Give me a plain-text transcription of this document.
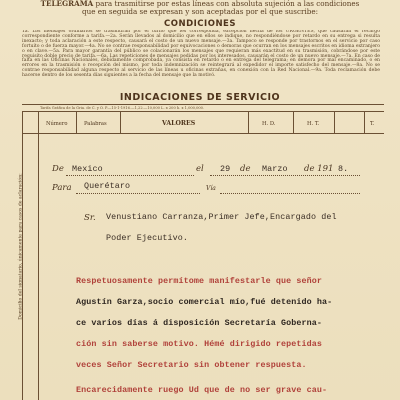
TELEGRAMA para trasmitirse por estas líneas con absoluta sujeción a las condiciones
que en seguida se expresan y son aceptadas por el que suscribe:
CONDICIONES
1a. Los mensajes ordinarios se trasmitirán por el turno que les corresponda, excepción hecha de los URGENTES, que causarán el recargo correspondiente conforme a tarifa.—2a. Serán llevados al domicilio que en ellos se indique, no respondiéndose por retardo en su entrega si resulta inexacto; y toda aclaración a este respecto, causará el costo de un nuevo mensaje.—3a. Tampoco se responde por trastornos en el servicio por caso fortuito o de fuerza mayor.—4a. No se contrae responsabilidad por equivocaciones o demoras que ocurran en los mensajes escritos en idioma extranjero o en clave.—5a. Para mayor garantía del público se colacionarán los mensajes que requieran más exactitud en su trasmisión, cobrándose por este requisito doble precio de tarifa.—6a. Las repeticiones de mensajes pedidas por los interesados, causarán el costo de un nuevo mensaje.—7a. En caso de falta en las Oficinas Nacionales, debidamente comprobada, ya consista en retardo o en entrega del telegrama; en demora por mal encaminado, o en errores en la trasmisión o recepción del mismo, por toda indemnización se reintegrará al expedidor el importe satisfecho del mensaje.—8a. No se contrae responsabilidad alguna respecto al servicio de las líneas u oficinas extrañas, en conexión con la Red Nacional.—9a. Toda reclamación debe hacerse dentro de los sesenta días siguientes a la fecha del mensaje que la motivó.
INDICACIONES DE SERVICIO
Tarifa Gráfica de la Gria. de C. y O. P.—15-1-1916.—1,22.—10,000 L. x 200 h. x 1,000,000.
Número	Palabras	VALORES	H. D.	H. T.	T.
Domicilio del signatario, únicamente para casos de aclaración:
De Mexico	el 29 de Marzo de 191 8.
Para Querétaro	Vía
Sr. Venustiano Carranza,Primer Jefe,Encargado del
Poder Ejecutivo.
Respetuosamente permítome manifestarle que señor
Agustín Garza,socio comercial mío,fué detenido ha-
ce varios días á disposición Secretaría Goberna-
ción sin saberse motivo. Hémé dirigido repetidas
veces Señor Secretario sin obtener respuesta.
Encarecidamente ruego Ud que de no ser grave cau-
